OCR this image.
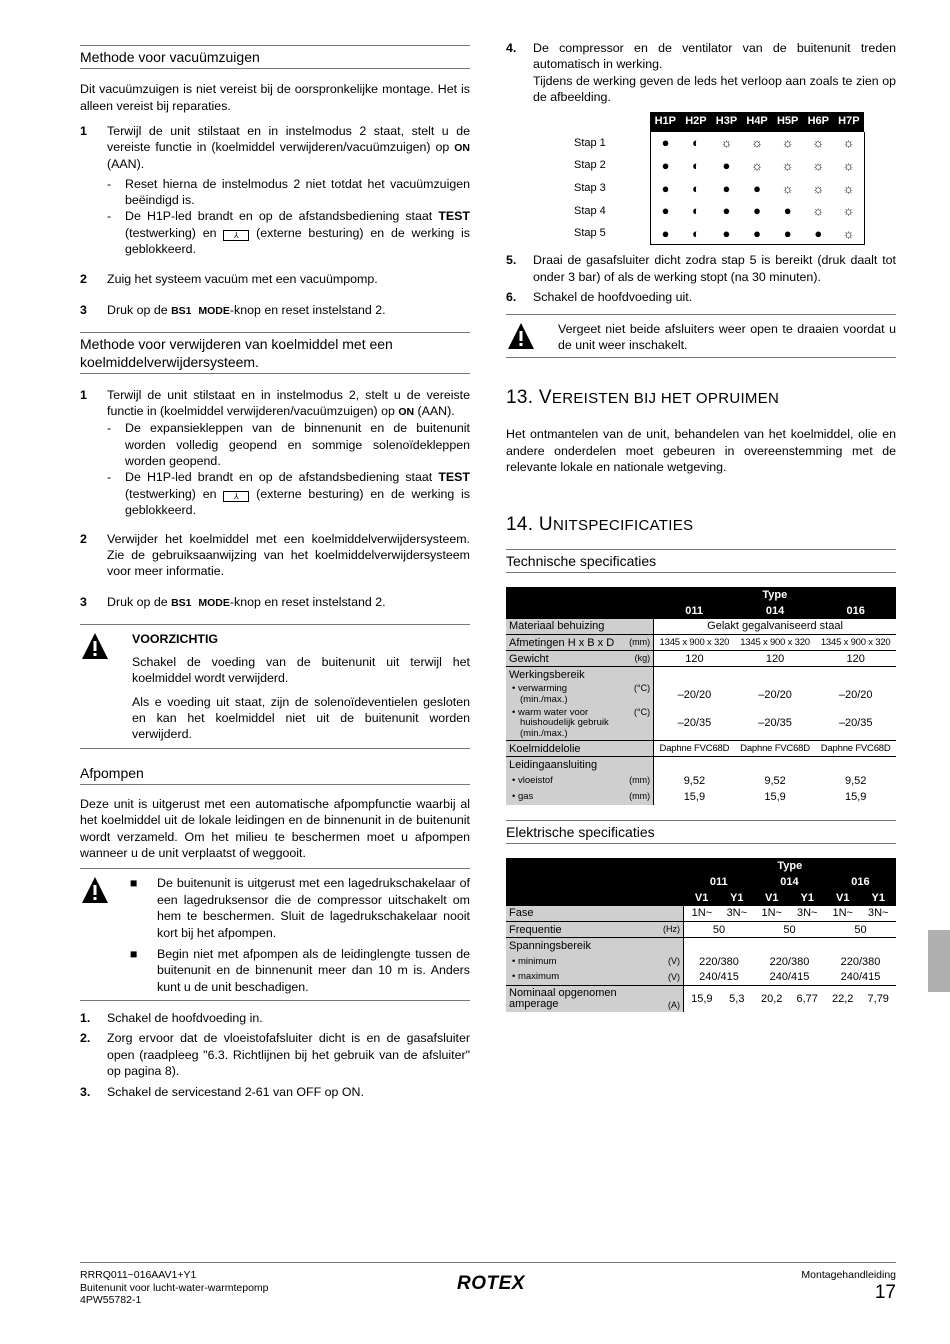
Methode voor vacuümzuigen

Dit vacuümzuigen is niet vereist bij de oorspronkelijke montage. Het is alleen vereist bij reparaties.

1	Terwijl de unit stilstaat en in instelmodus 2 staat, stelt u de vereiste functie in (koelmiddel verwijderen/vacuümzuigen) op ON (AAN).
-	Reset hierna de instelmodus 2 niet totdat het vacuümzuigen beëindigd is.
-	De H1P-led brandt en op de afstandsbediening staat TEST (testwerking) en ⅄ (externe besturing) en de werking is geblokkeerd.
2	Zuig het systeem vacuüm met een vacuümpomp.
3	Druk op de BS1 MODE-knop en reset instelstand 2.
Methode voor verwijderen van koelmiddel met een koelmiddelverwijdersysteem.
1	Terwijl de unit stilstaat en in instelmodus 2, stelt u de vereiste functie in (koelmiddel verwijderen/vacuümzuigen) op ON (AAN).
-	De expansiekleppen van de binnenunit en de buitenunit worden volledig geopend en sommige solenoïdekleppen worden geopend.
-	De H1P-led brandt en op de afstandsbediening staat TEST (testwerking) en ⅄ (externe besturing) en de werking is geblokkeerd.
2	Verwijder het koelmiddel met een koelmiddelverwijdersysteem. Zie de gebruiksaanwijzing van het koelmiddelverwijdersysteem voor meer informatie.
3	Druk op de BS1 MODE-knop en reset instelstand 2.
VOORZICHTIG

Schakel de voeding van de buitenunit uit terwijl het koelmiddel wordt verwijderd.

Als e voeding uit staat, zijn de solenoïdeventielen gesloten en kan het koelmiddel niet uit de buitenunit worden verwijderd.

Afpompen

Deze unit is uitgerust met een automatische afpompfunctie waarbij al het koelmiddel uit de lokale leidingen en de binnenunit in de buitenunit wordt verzameld. Om het milieu te beschermen moet u afpompen wanneer u de unit verplaatst of weggooit.

■	De buitenunit is uitgerust met een lagedrukschakelaar of een lagedruksensor die de compressor uitschakelt om hem te beschermen. Sluit de lagedrukschakelaar nooit kort bij het afpompen.
■	Begin niet met afpompen als de leidinglengte tussen de buitenunit en de binnenunit meer dan 10 m is. Anders kunt u de unit beschadigen.
1.	Schakel de hoofdvoeding in.
2.	Zorg ervoor dat de vloeistofafsluiter dicht is en de gasafsluiter open (raadpleeg "6.3. Richtlijnen bij het gebruik van de afsluiter" op pagina 8).
3.	Schakel de servicestand 2-61 van OFF op ON.
4.	De compressor en de ventilator van de buitenunit treden automatisch in werking.

Tijdens de werking geven de leds het verloop aan zoals te zien op de afbeelding.

	H1P	H2P	H3P	H4P	H5P	H6P	H7P
Stap 1	●	◐	☼	☼	☼	☼	☼
Stap 2	●	◐	●	☼	☼	☼	☼
Stap 3	●	◐	●	●	☼	☼	☼
Stap 4	●	◐	●	●	●	☼	☼
Stap 5	●	◐	●	●	●	●	☼
5.	Draai de gasafsluiter dicht zodra stap 5 is bereikt (druk daalt tot onder 3 bar) of als de werking stopt (na 30 minuten).
6.	Schakel de hoofdvoeding uit.

Vergeet niet beide afsluiters weer open te draaien voordat u de unit weer inschakelt.

13. VEREISTEN BIJ HET OPRUIMEN

Het ontmantelen van de unit, behandelen van het koelmiddel, olie en andere onderdelen moet gebeuren in overeenstemming met de relevante lokale en nationale wetgeving.

14. UNITSPECIFICATIES
Technische specificaties
		Type		
		011	014	016
Materiaal behuizing		Gelakt gegalvaniseerd staal		
Afmetingen H x B x D	(mm)	1345 x 900 x 320	1345 x 900 x 320	1345 x 900 x 320
Gewicht	(kg)	120	120	120
Werkingsbereik				
• verwarming
(min./max.)	(°C)	–20/20	–20/20	–20/20
• warm water voor
huishoudelijk gebruik
(min./max.)	(°C)	–20/35	–20/35	–20/35
Koelmiddelolie		Daphne FVC68D	Daphne FVC68D	Daphne FVC68D
Leidingaansluiting				
• vloeistof	(mm)	9,52	9,52	9,52
• gas	(mm)	15,9	15,9	15,9
Elektrische specificaties
		Type					
		011		014		016	
		V1	Y1	V1	Y1	V1	Y1
Fase		1N~	3N~	1N~	3N~	1N~	3N~
Frequentie	(Hz)	50		50		50	
Spanningsbereik							
• minimum	(V)	220/380		220/380		220/380	
• maximum	(V)	240/415		240/415		240/415	
Nominaal opgenomen
amperage	(A)	15,9	5,3	20,2	6,77	22,2	7,79
RRRQ011~016AAV1+Y1
Buitenunit voor lucht-water-warmtepomp
4PW55782-1
ROTEX	Montagehandleiding
17
